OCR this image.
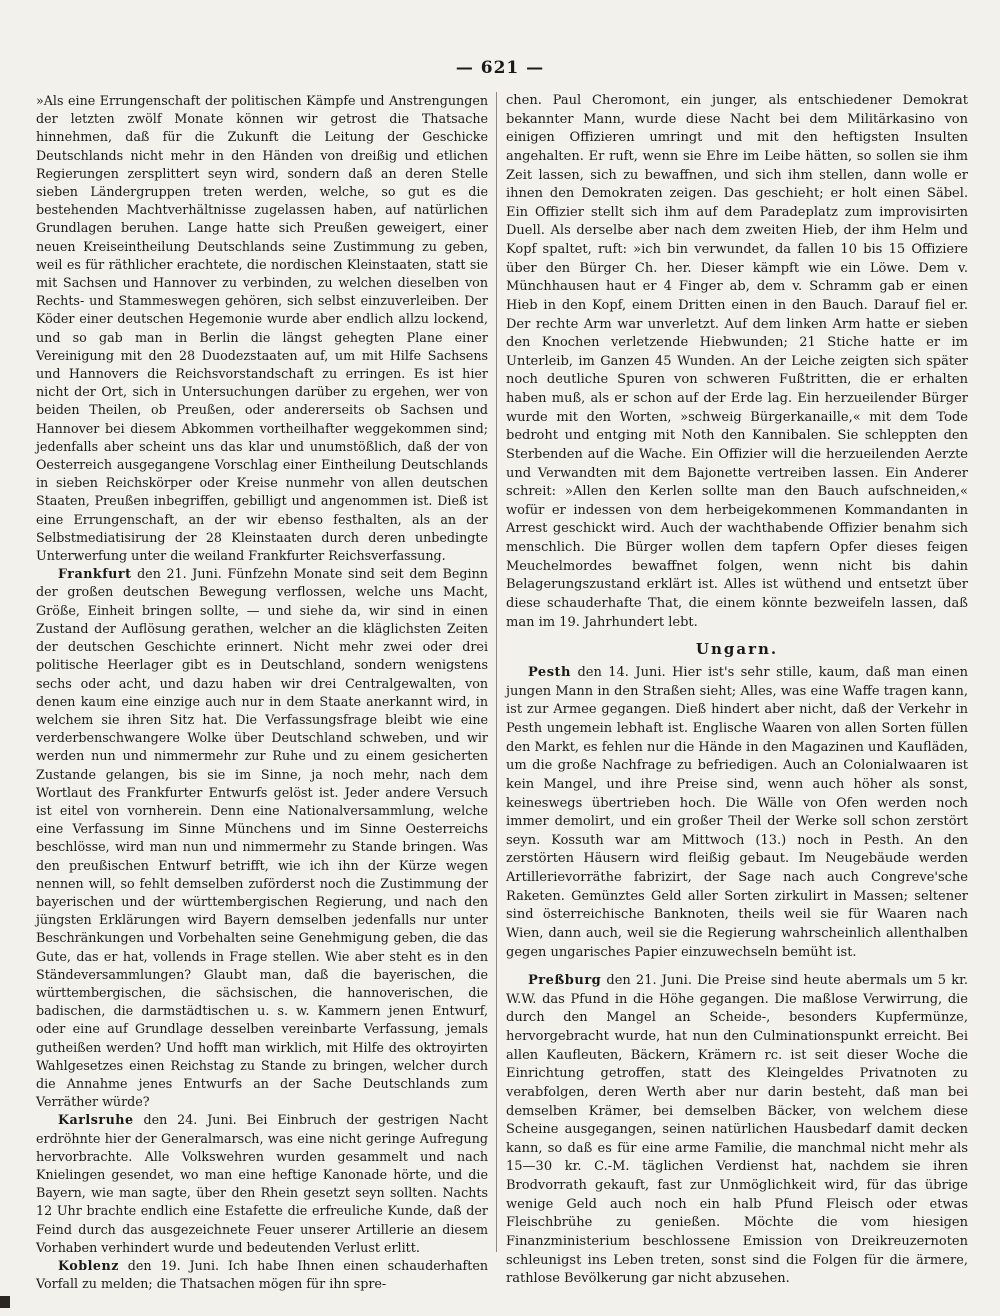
— 621 —

»Als eine Errungenschaft der politischen Kämpfe und Anstrengungen der letzten zwölf Monate können wir getrost die Thatsache hinnehmen, daß für die Zukunft die Leitung der Geschicke Deutschlands nicht mehr in den Händen von dreißig und etlichen Regierungen zersplittert seyn wird, sondern daß an deren Stelle sieben Ländergruppen treten werden, welche, so gut es die bestehenden Machtverhältnisse zugelassen haben, auf natürlichen Grundlagen beruhen. Lange hatte sich Preußen geweigert, einer neuen Kreiseintheilung Deutschlands seine Zustimmung zu geben, weil es für räthlicher erachtete, die nordischen Kleinstaaten, statt sie mit Sachsen und Hannover zu verbinden, zu welchen dieselben von Rechts- und Stammeswegen gehören, sich selbst einzuverleiben. Der Köder einer deutschen Hegemonie wurde aber endlich allzu lockend, und so gab man in Berlin die längst gehegten Plane einer Vereinigung mit den 28 Duodezstaaten auf, um mit Hilfe Sachsens und Hannovers die Reichsvorstandschaft zu erringen. Es ist hier nicht der Ort, sich in Untersuchungen darüber zu ergehen, wer von beiden Theilen, ob Preußen, oder andererseits ob Sachsen und Hannover bei diesem Abkommen vortheilhafter weggekommen sind; jedenfalls aber scheint uns das klar und unumstößlich, daß der von Oesterreich ausgegangene Vorschlag einer Eintheilung Deutschlands in sieben Reichskörper oder Kreise nunmehr von allen deutschen Staaten, Preußen inbegriffen, gebilligt und angenommen ist. Dieß ist eine Errungenschaft, an der wir ebenso festhalten, als an der Selbstmediatisirung der 28 Kleinstaaten durch deren unbedingte Unterwerfung unter die weiland Frankfurter Reichsverfassung.

Frankfurt den 21. Juni. Fünfzehn Monate sind seit dem Beginn der großen deutschen Bewegung verflossen, welche uns Macht, Größe, Einheit bringen sollte, — und siehe da, wir sind in einen Zustand der Auflösung gerathen, welcher an die kläglichsten Zeiten der deutschen Geschichte erinnert. Nicht mehr zwei oder drei politische Heerlager gibt es in Deutschland, sondern wenigstens sechs oder acht, und dazu haben wir drei Centralgewalten, von denen kaum eine einzige auch nur in dem Staate anerkannt wird, in welchem sie ihren Sitz hat. Die Verfassungsfrage bleibt wie eine verderbenschwangere Wolke über Deutschland schweben, und wir werden nun und nimmermehr zur Ruhe und zu einem gesicherten Zustande gelangen, bis sie im Sinne, ja noch mehr, nach dem Wortlaut des Frankfurter Entwurfs gelöst ist. Jeder andere Versuch ist eitel von vornherein. Denn eine Nationalversammlung, welche eine Verfassung im Sinne Münchens und im Sinne Oesterreichs beschlösse, wird man nun und nimmermehr zu Stande bringen. Was den preußischen Entwurf betrifft, wie ich ihn der Kürze wegen nennen will, so fehlt demselben zuförderst noch die Zustimmung der bayerischen und der württembergischen Regierung, und nach den jüngsten Erklärungen wird Bayern demselben jedenfalls nur unter Beschränkungen und Vorbehalten seine Genehmigung geben, die das Gute, das er hat, vollends in Frage stellen. Wie aber steht es in den Ständeversammlungen? Glaubt man, daß die bayerischen, die württembergischen, die sächsischen, die hannoverischen, die badischen, die darmstädtischen u. s. w. Kammern jenen Entwurf, oder eine auf Grundlage desselben vereinbarte Verfassung, jemals gutheißen werden? Und hofft man wirklich, mit Hilfe des oktroyirten Wahlgesetzes einen Reichstag zu Stande zu bringen, welcher durch die Annahme jenes Entwurfs an der Sache Deutschlands zum Verräther würde?

Karlsruhe den 24. Juni. Bei Einbruch der gestrigen Nacht erdröhnte hier der Generalmarsch, was eine nicht geringe Aufregung hervorbrachte. Alle Volkswehren wurden gesammelt und nach Knielingen gesendet, wo man eine heftige Kanonade hörte, und die Bayern, wie man sagte, über den Rhein gesetzt seyn sollten. Nachts 12 Uhr brachte endlich eine Estafette die erfreuliche Kunde, daß der Feind durch das ausgezeichnete Feuer unserer Artillerie an diesem Vorhaben verhindert wurde und bedeutenden Verlust erlitt.

Koblenz den 19. Juni. Ich habe Ihnen einen schauderhaften Vorfall zu melden; die Thatsachen mögen für ihn spre-

chen. Paul Cheromont, ein junger, als entschiedener Demokrat bekannter Mann, wurde diese Nacht bei dem Militärkasino von einigen Offizieren umringt und mit den heftigsten Insulten angehalten. Er ruft, wenn sie Ehre im Leibe hätten, so sollen sie ihm Zeit lassen, sich zu bewaffnen, und sich ihm stellen, dann wolle er ihnen den Demokraten zeigen. Das geschieht; er holt einen Säbel. Ein Offizier stellt sich ihm auf dem Paradeplatz zum improvisirten Duell. Als derselbe aber nach dem zweiten Hieb, der ihm Helm und Kopf spaltet, ruft: »ich bin verwundet, da fallen 10 bis 15 Offiziere über den Bürger Ch. her. Dieser kämpft wie ein Löwe. Dem v. Münchhausen haut er 4 Finger ab, dem v. Schramm gab er einen Hieb in den Kopf, einem Dritten einen in den Bauch. Darauf fiel er. Der rechte Arm war unverletzt. Auf dem linken Arm hatte er sieben den Knochen verletzende Hiebwunden; 21 Stiche hatte er im Unterleib, im Ganzen 45 Wunden. An der Leiche zeigten sich später noch deutliche Spuren von schweren Fußtritten, die er erhalten haben muß, als er schon auf der Erde lag. Ein herzueilender Bürger wurde mit den Worten, »schweig Bürgerkanaille,« mit dem Tode bedroht und entging mit Noth den Kannibalen. Sie schleppten den Sterbenden auf die Wache. Ein Offizier will die herzueilenden Aerzte und Verwandten mit dem Bajonette vertreiben lassen. Ein Anderer schreit: »Allen den Kerlen sollte man den Bauch aufschneiden,« wofür er indessen von dem herbeigekommenen Kommandanten in Arrest geschickt wird. Auch der wachthabende Offizier benahm sich menschlich. Die Bürger wollen dem tapfern Opfer dieses feigen Meuchelmordes bewaffnet folgen, wenn nicht bis dahin Belagerungszustand erklärt ist. Alles ist wüthend und entsetzt über diese schauderhafte That, die einem könnte bezweifeln lassen, daß man im 19. Jahrhundert lebt.

Ungarn.

Pesth den 14. Juni. Hier ist's sehr stille, kaum, daß man einen jungen Mann in den Straßen sieht; Alles, was eine Waffe tragen kann, ist zur Armee gegangen. Dieß hindert aber nicht, daß der Verkehr in Pesth ungemein lebhaft ist. Englische Waaren von allen Sorten füllen den Markt, es fehlen nur die Hände in den Magazinen und Kaufläden, um die große Nachfrage zu befriedigen. Auch an Colonialwaaren ist kein Mangel, und ihre Preise sind, wenn auch höher als sonst, keineswegs übertrieben hoch. Die Wälle von Ofen werden noch immer demolirt, und ein großer Theil der Werke soll schon zerstört seyn. Kossuth war am Mittwoch (13.) noch in Pesth. An den zerstörten Häusern wird fleißig gebaut. Im Neugebäude werden Artillerievorräthe fabrizirt, der Sage nach auch Congreve'sche Raketen. Gemünztes Geld aller Sorten zirkulirt in Massen; seltener sind österreichische Banknoten, theils weil sie für Waaren nach Wien, dann auch, weil sie die Regierung wahrscheinlich allenthalben gegen ungarisches Papier einzuwechseln bemüht ist.

Preßburg den 21. Juni. Die Preise sind heute abermals um 5 kr. W.W. das Pfund in die Höhe gegangen. Die maßlose Verwirrung, die durch den Mangel an Scheide-, besonders Kupfermünze, hervorgebracht wurde, hat nun den Culminationspunkt erreicht. Bei allen Kaufleuten, Bäckern, Krämern rc. ist seit dieser Woche die Einrichtung getroffen, statt des Kleingeldes Privatnoten zu verabfolgen, deren Werth aber nur darin besteht, daß man bei demselben Krämer, bei demselben Bäcker, von welchem diese Scheine ausgegangen, seinen natürlichen Hausbedarf damit decken kann, so daß es für eine arme Familie, die manchmal nicht mehr als 15—30 kr. C.-M. täglichen Verdienst hat, nachdem sie ihren Brodvorrath gekauft, fast zur Unmöglichkeit wird, für das übrige wenige Geld auch noch ein halb Pfund Fleisch oder etwas Fleischbrühe zu genießen. Möchte die vom hiesigen Finanzministerium beschlossene Emission von Dreikreuzernoten schleunigst ins Leben treten, sonst sind die Folgen für die ärmere, rathlose Bevölkerung gar nicht abzusehen.
